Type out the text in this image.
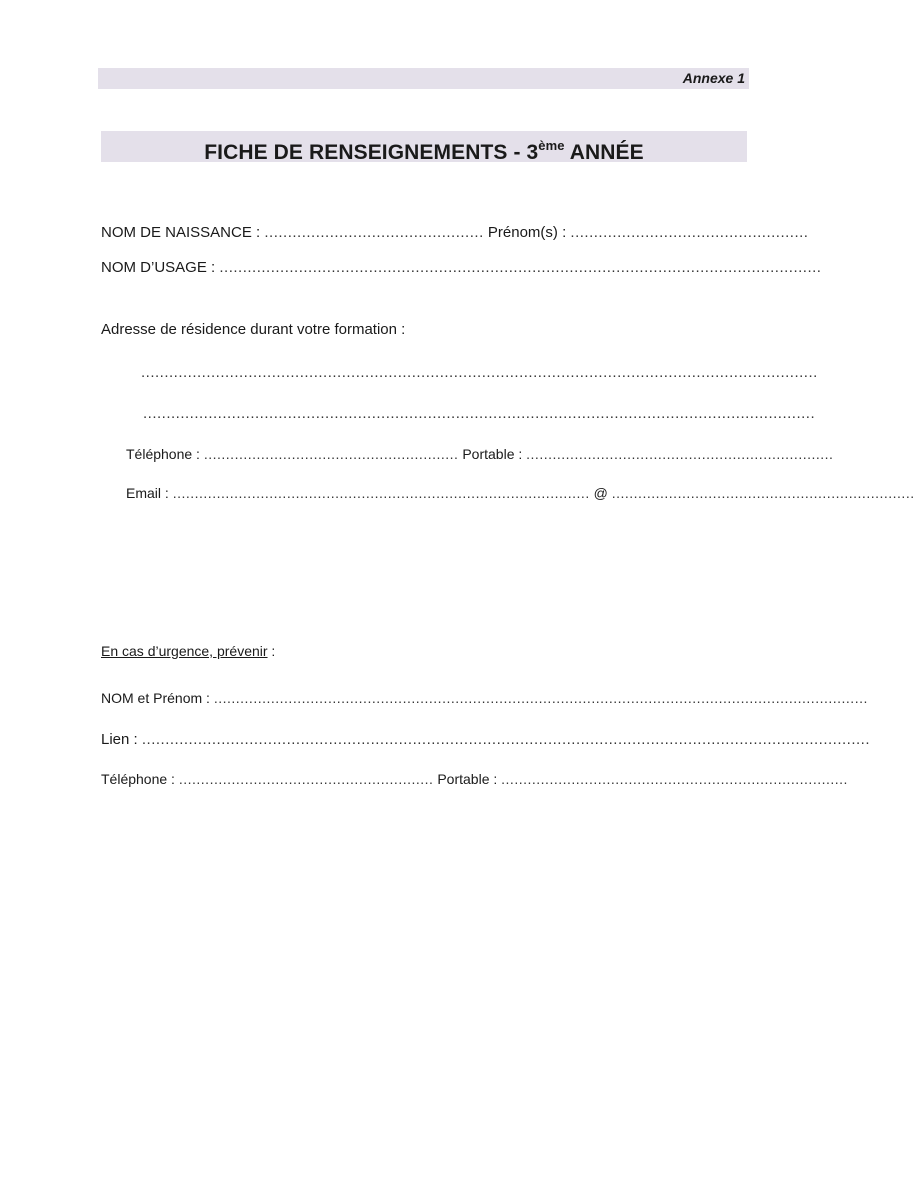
Annexe 1
FICHE DE RENSEIGNEMENTS - 3ème ANNÉE
NOM DE NAISSANCE : ............................................... Prénom(s) : ...................................................
NOM D’USAGE : .................................................................................................................................
Adresse de résidence durant votre formation :
.................................................................................................................................................
................................................................................................................................................
Téléphone : .......................................................... Portable : ......................................................................
Email : ............................................................................................... @ .....................................................................
En cas d’urgence, prévenir :
NOM et Prénom : .....................................................................................................................................................
Lien : ............................................................................................................................................................
Téléphone : .......................................................... Portable : ...............................................................................
